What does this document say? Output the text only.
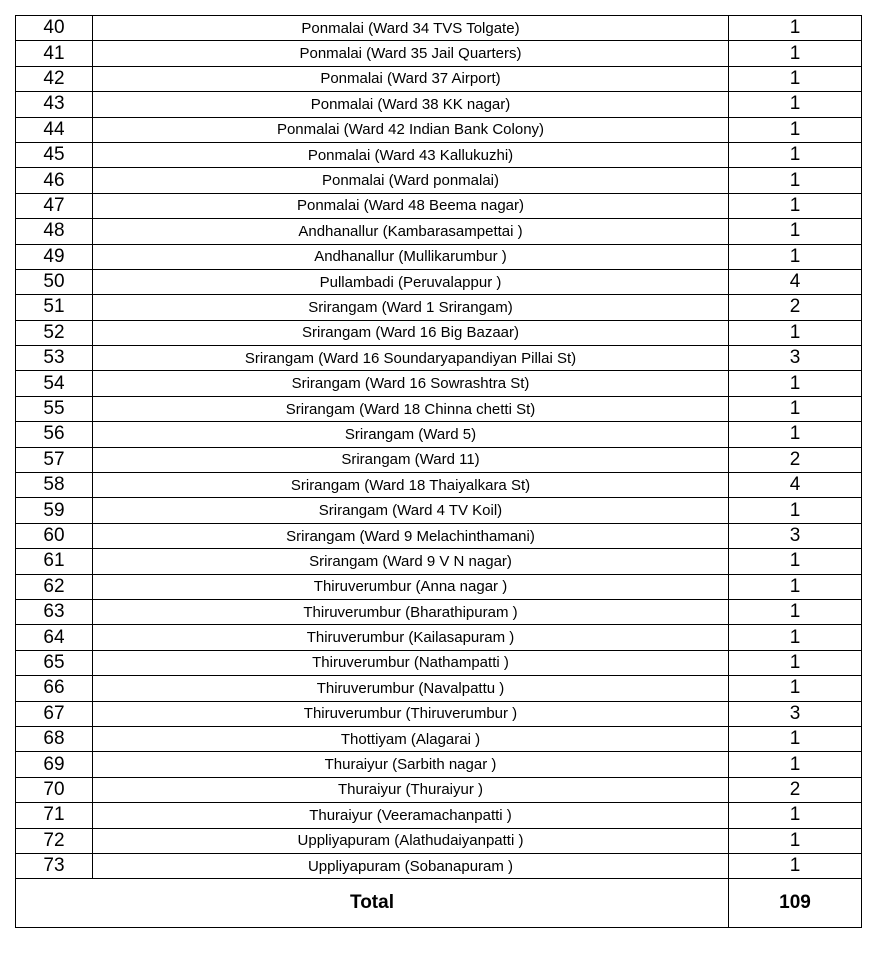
40	Ponmalai (Ward 34 TVS Tolgate)	1
41	Ponmalai (Ward 35 Jail Quarters)	1
42	Ponmalai (Ward 37 Airport)	1
43	Ponmalai (Ward 38 KK nagar)	1
44	Ponmalai (Ward 42 Indian Bank Colony)	1
45	Ponmalai (Ward 43 Kallukuzhi)	1
46	Ponmalai (Ward ponmalai)	1
47	Ponmalai (Ward 48 Beema nagar)	1
48	Andhanallur (Kambarasampettai )	1
49	Andhanallur (Mullikarumbur )	1
50	Pullambadi (Peruvalappur )	4
51	Srirangam (Ward 1 Srirangam)	2
52	Srirangam (Ward 16 Big Bazaar)	1
53	Srirangam (Ward 16 Soundaryapandiyan Pillai St)	3
54	Srirangam (Ward 16 Sowrashtra St)	1
55	Srirangam (Ward 18 Chinna chetti St)	1
56	Srirangam (Ward 5)	1
57	Srirangam (Ward 11)	2
58	Srirangam (Ward 18 Thaiyalkara St)	4
59	Srirangam (Ward 4 TV Koil)	1
60	Srirangam (Ward 9 Melachinthamani)	3
61	Srirangam (Ward 9 V N nagar)	1
62	Thiruverumbur (Anna nagar )	1
63	Thiruverumbur (Bharathipuram )	1
64	Thiruverumbur (Kailasapuram )	1
65	Thiruverumbur (Nathampatti )	1
66	Thiruverumbur (Navalpattu )	1
67	Thiruverumbur (Thiruverumbur )	3
68	Thottiyam (Alagarai )	1
69	Thuraiyur (Sarbith nagar )	1
70	Thuraiyur (Thuraiyur )	2
71	Thuraiyur (Veeramachanpatti )	1
72	Uppliyapuram (Alathudaiyanpatti )	1
73	Uppliyapuram (Sobanapuram )	1
Total		109
